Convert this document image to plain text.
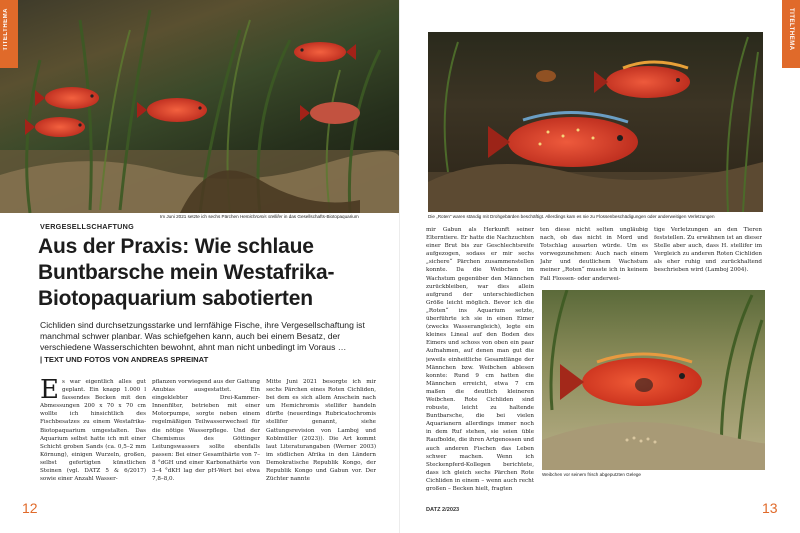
TITELTHEMA
Im Juni 2021 setzte ich sechs Pärchen Hemichromis stellifer in das Gesellschafts-Biotopaquarium
VERGESELLSCHAFTUNG
Aus der Praxis: Wie schlaue Buntbarsche mein Westafrika-Biotopaquarium sabotierten
Cichliden sind durchsetzungsstarke und lernfähige Fische, ihre Vergesellschaftung ist manchmal schwer planbar. Was schiefgehen kann, auch bei einem Besatz, der verschiedene Wasserschichten bewohnt, ahnt man nicht unbedingt im Voraus …
| TEXT UND FOTOS VON ANDREAS SPREINAT
Es war eigentlich alles gut geplant. Ein knapp 1.000 l fassendes Becken mit den Abmessungen 200 x 70 x 70 cm wollte ich hinsichtlich des Fischbesatzes zu einem Westafrika-Biotopaquarium umgestalten. Das Aquarium selbst hatte ich mit einer Schicht groben Sands (ca. 0,5–2 mm Körnung), einigen Wurzeln, großen, selbst gefertigten künstlichen Steinen (vgl. DATZ 5 & 6/2017) sowie einer Anzahl Wasser-
pflanzen vorwiegend aus der Gattung Anubias ausgestattet. Ein eingeklebter Drei-Kammer-Innenfilter, betrieben mit einer Motorpumpe, sorgte neben einem regelmäßigen Teilwasserwechsel für die nötige Wasserpflege. Und der Chemismus des Göttinger Leitungswassers sollte ebenfalls passen: Bei einer Gesamthärte von 7–8 °dGH und einer Karbonathärte von 3–4 °dKH lag der pH-Wert bei etwa 7,8–8,0.
Mitte Juni 2021 besorgte ich mir sechs Pärchen eines Roten Cichliden, bei dem es sich allem Anschein nach um Hemichromis stellifer handeln dürfte (neuerdings Rubricatochromis stellifer genannt, siehe Gattungsrevision von Lamboj und Koblmüller (2023)). Die Art kommt laut Literaturangaben (Werner 2003) im südlichen Afrika in den Ländern Demokratische Republik Kongo, der Republik Kongo und Gabun vor. Der Züchter nannte
12
TITELTHEMA
Die „Roten“ waren ständig mit Drohgebärden beschäftigt. Allerdings kam es nie zu Flossenbeschädigungen oder anderweitigen Verletzungen
mir Gabun als Herkunft seiner Elterntiere. Er hatte die Nachzuchten einer Brut bis zur Geschlechtsreife aufgezogen, sodass er mir sechs „sichere“ Pärchen zusammenstellen konnte. Da die Weibchen im Wachstum gegenüber den Männchen zurückbleiben, war dies allein aufgrund der unterschiedlichen Größe leicht möglich. Bevor ich die „Roten“ ins Aquarium setzte, überführte ich sie in einen Eimer (zwecks Wasserangleich), legte ein kleines Lineal auf den Boden des Eimers und schoss von oben ein paar Aufnahmen, auf denen man gut die jeweils einheitliche Gesamtlänge der Männchen bzw. Weibchen ablesen konnte: Rund 9 cm hatten die Männchen erreicht, etwa 7 cm maßen die deutlich kleineren Weibchen. Rote Cichliden sind robuste, leicht zu haltende Buntbarsche, die bei vielen Aquarianern allerdings immer noch in dem Ruf stehen, sie seien üble Raufbolde, die ihren Artgenossen und auch anderen Fischen das Leben schwer machen. Wenn ich Steckenpferd-Kollegen berichtete, dass ich gleich sechs Pärchen Rote Cichliden in einem – wenn auch recht großen – Becken hielt, fragten
ten diese nicht selten ungläubig nach, ob das nicht in Mord und Totschlag ausarten würde. Um es vorwegzunehmen: Auch nach einem Jahr und deutlichem Wachstum meiner „Roten“ musste ich in keinem Fall Flossen- oder anderwei-
tige Verletzungen an den Tieren feststellen. Zu erwähnen ist an dieser Stelle aber auch, dass H. stellifer im Vergleich zu anderen Roten Cichliden als eher ruhig und zurückhaltend beschrieben wird (Lamboj 2004).
Weibchen vor seinem frisch abgeputzten Gelege
DATZ 2/2023	13
